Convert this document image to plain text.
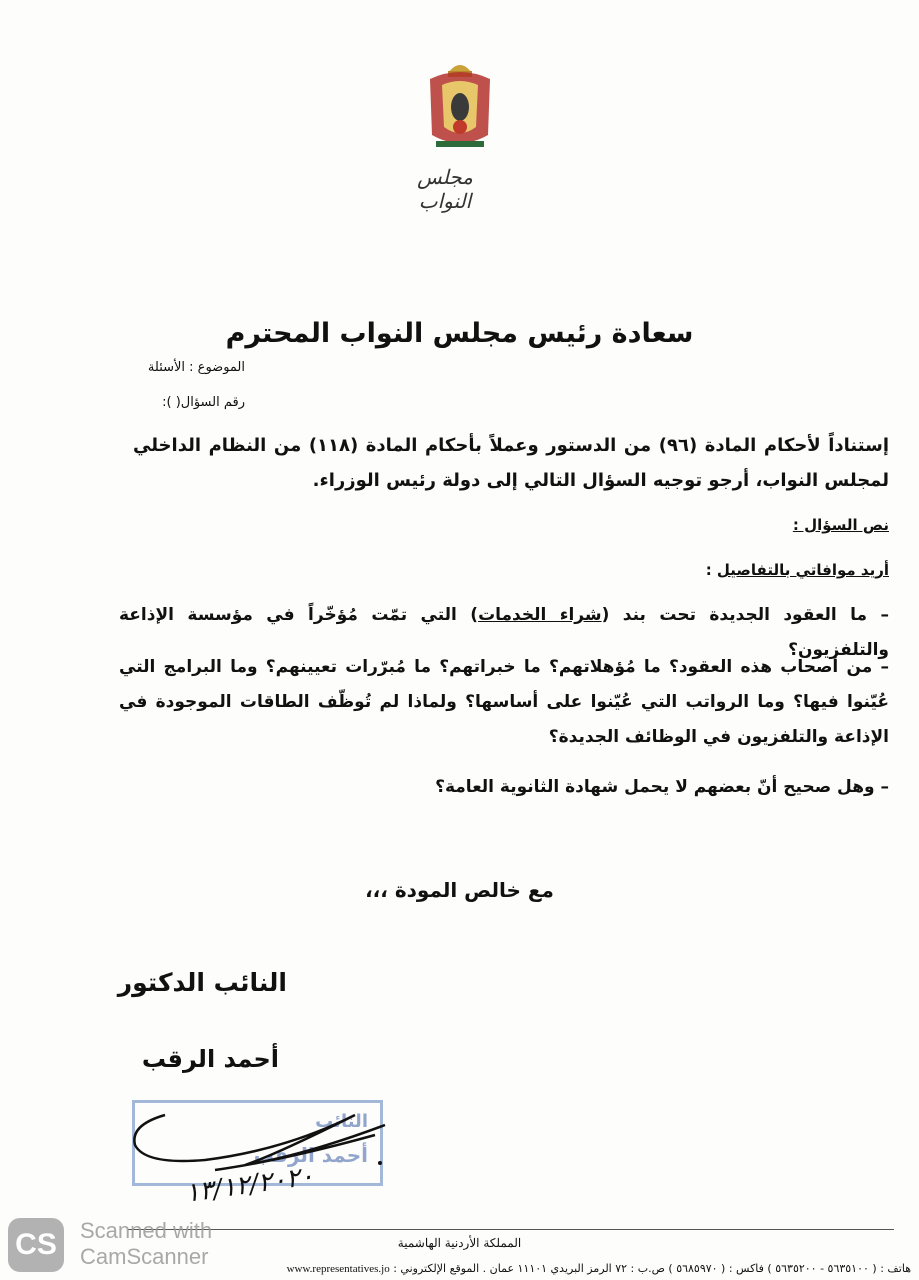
مجلس النواب
سعادة رئيس مجلس النواب المحترم
الموضوع : الأسئلة
رقم السؤال( ):
إستناداً لأحكام المادة (٩٦) من الدستور وعملاً بأحكام المادة (١١٨) من النظام الداخلي لمجلس النواب، أرجو توجيه السؤال التالي إلى دولة رئيس الوزراء.
نص السؤال :
أريد موافاتي بالتفاصيل :
– ما العقود الجديدة تحت بند (شراء الخدمات) التي تمّت مُؤخّراً في مؤسسة الإذاعة والتلفزيون؟
– من أصحاب هذه العقود؟ ما مُؤهلاتهم؟ ما خبراتهم؟ ما مُبرّرات تعيينهم؟ وما البرامج التي عُيّنوا فيها؟ وما الرواتب التي عُيّنوا على أساسها؟ ولماذا لم تُوظّف الطاقات الموجودة في الإذاعة والتلفزيون في الوظائف الجديدة؟
– وهل صحيح أنّ بعضهم لا يحمل شهادة الثانوية العامة؟
مع خالص المودة ،،،
النائب الدكتور
أحمد الرقب
النائب
أحمد الرقب
١٣/١٢/٢٠٢٠
المملكة الأردنية الهاشمية
هاتف : ( ٥٦٣٥١٠٠ - ٥٦٣٥٢٠٠ ) فاكس : ( ٥٦٨٥٩٧٠ ) ص.ب : ٧٢ الرمز البريدي ١١١٠١ عمان . الموقع الإلكتروني : www.representatives.jo
CS	Scanned with
CamScanner
